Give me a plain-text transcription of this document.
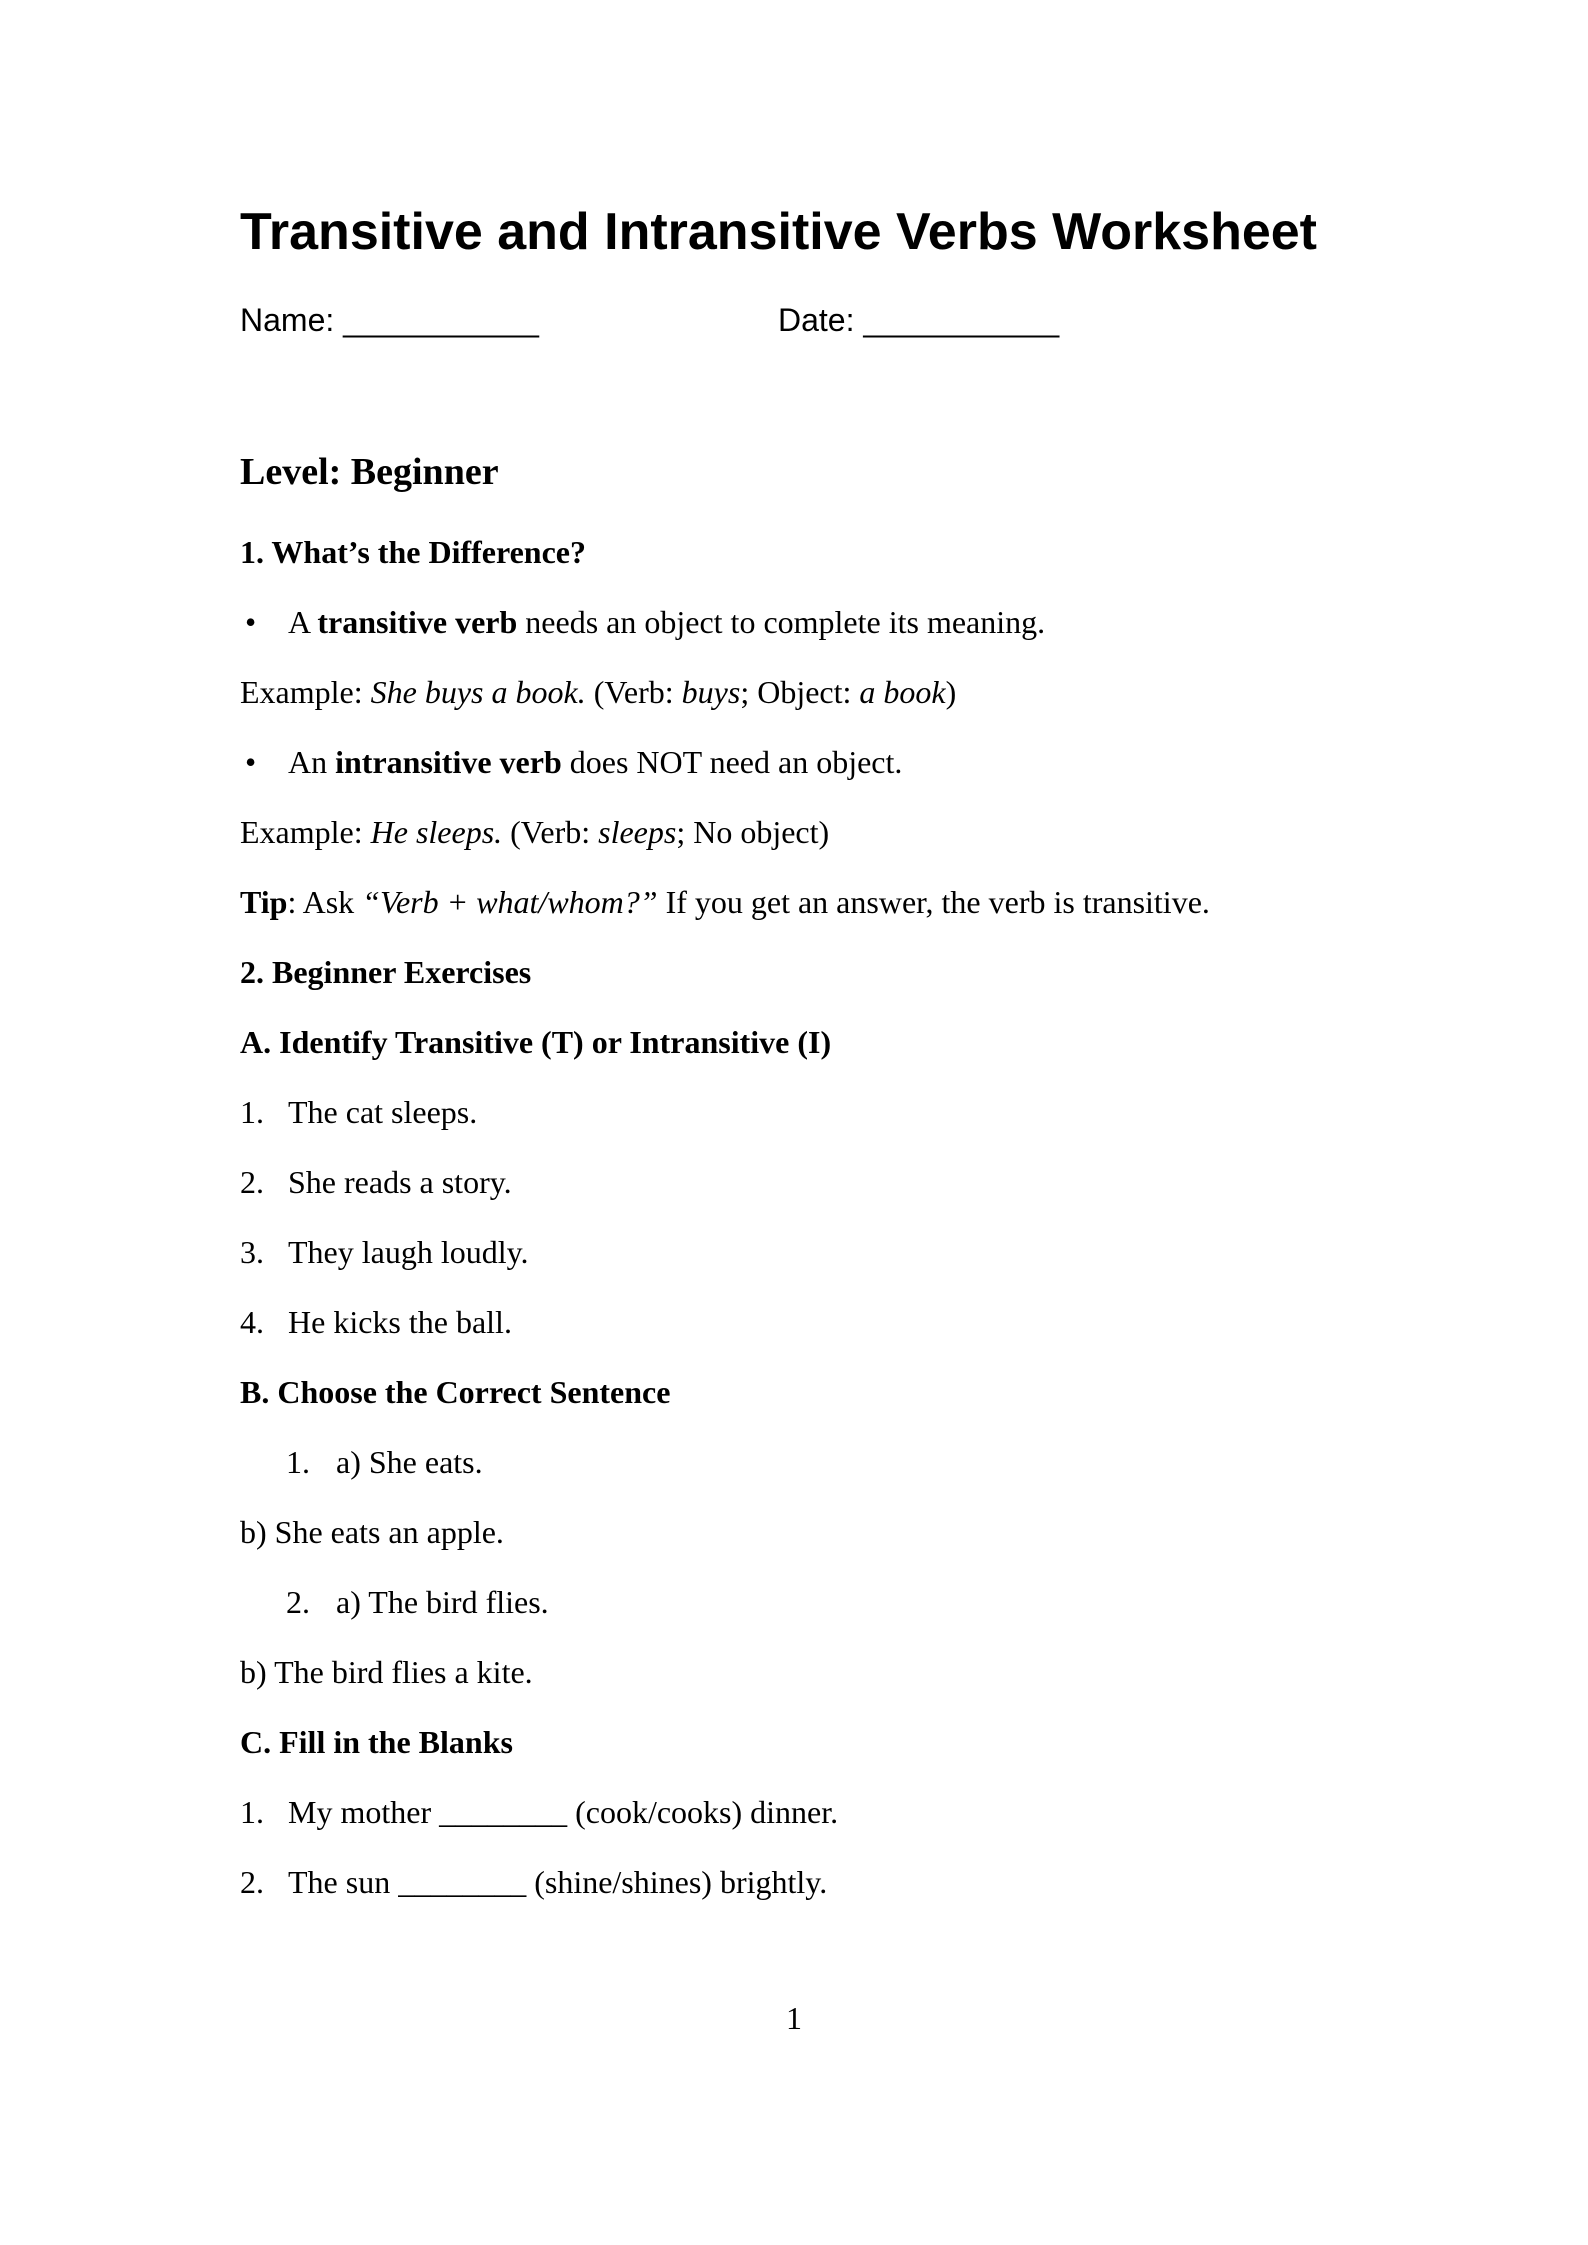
Transitive and Intransitive Verbs Worksheet
Name: ___________	Date: ___________
Level: Beginner
1. What’s the Difference?
• A transitive verb needs an object to complete its meaning.
Example: She buys a book. (Verb: buys; Object: a book)
• An intransitive verb does NOT need an object.
Example: He sleeps. (Verb: sleeps; No object)
Tip: Ask “Verb + what/whom?” If you get an answer, the verb is transitive.
2. Beginner Exercises
A. Identify Transitive (T) or Intransitive (I)
1. The cat sleeps.
2. She reads a story.
3. They laugh loudly.
4. He kicks the ball.
B. Choose the Correct Sentence
1. a) She eats.
b) She eats an apple.
2. a) The bird flies.
b) The bird flies a kite.
C. Fill in the Blanks
1. My mother ________ (cook/cooks) dinner.
2. The sun ________ (shine/shines) brightly.
1
